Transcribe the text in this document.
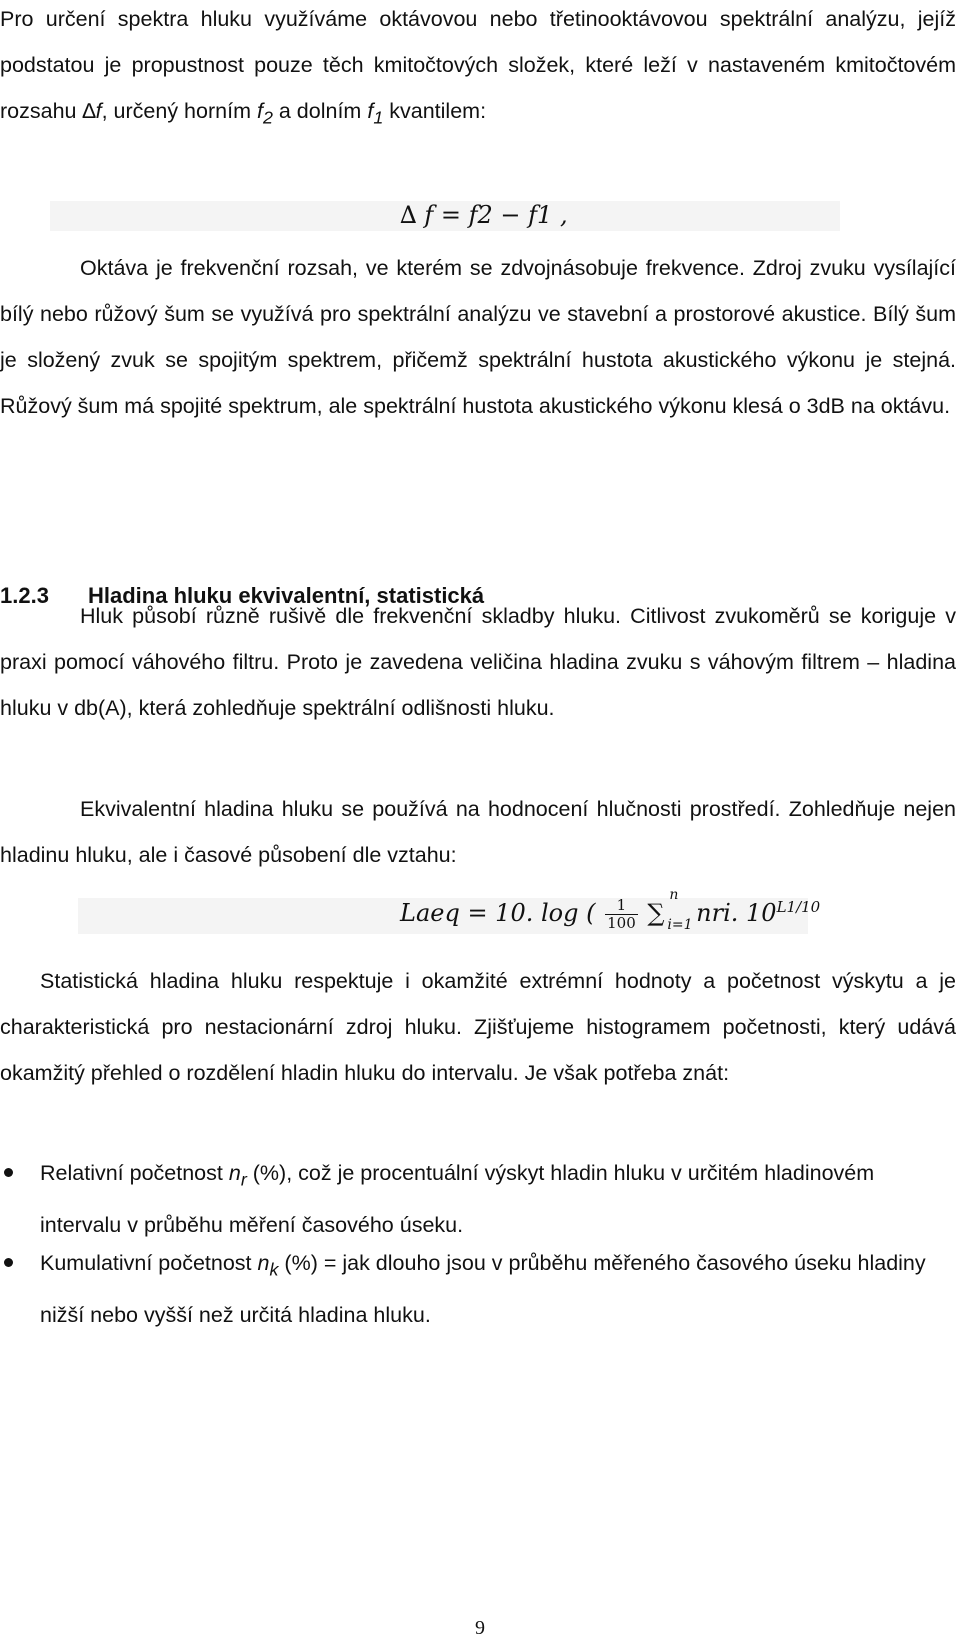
Pro určení spektra hluku využíváme oktávovou nebo třetinooktávovou spektrální analýzu, jejíž podstatou je propustnost pouze těch kmitočtových složek, které leží v nastaveném kmitočtovém rozsahu ∆f, určený horním $f_2$ a dolním $f_1$ kvantilem:

∆ f = f2 − f1 ,

Oktáva je frekvenční rozsah, ve kterém se zdvojnásobuje frekvence. Zdroj zvuku vysílající bílý nebo růžový šum se využívá pro spektrální analýzu ve stavební a prostorové akustice. Bílý šum je složený zvuk se spojitým spektrem, přičemž spektrální hustota akustického výkonu je stejná. Růžový šum má spojité spektrum, ale spektrální hustota akustického výkonu klesá o 3dB na oktávu.

1.2.3 Hladina hluku ekvivalentní, statistická

Hluk působí různě rušivě dle frekvenční skladby hluku. Citlivost zvukoměrů se koriguje v praxi pomocí váhového filtru. Proto je zavedena veličina hladina zvuku s váhovým filtrem – hladina hluku v db(A), která zohledňuje spektrální odlišnosti hluku.

Ekvivalentní hladina hluku se používá na hodnocení hlučnosti prostředí. Zohledňuje nejen hladinu hluku, ale i časové působení dle vztahu:

Laeq = 10. log ( $\frac{1}{100}$ ∑
n
i=1 nri. $10^{L1/10}$

Statistická hladina hluku respektuje i okamžité extrémní hodnoty a početnost výskytu a je charakteristická pro nestacionární zdroj hluku. Zjišťujeme histogramem početnosti, který udává okamžitý přehled o rozdělení hladin hluku do intervalu. Je však potřeba znát:

Relativní početnost $n_r$ (%), což je procentuální výskyt hladin hluku v určitém hladinovém intervalu v průběhu měření časového úseku.

Kumulativní početnost $n_k$ (%) = jak dlouho jsou v průběhu měřeného časového úseku hladiny nižší nebo vyšší než určitá hladina hluku.

9
